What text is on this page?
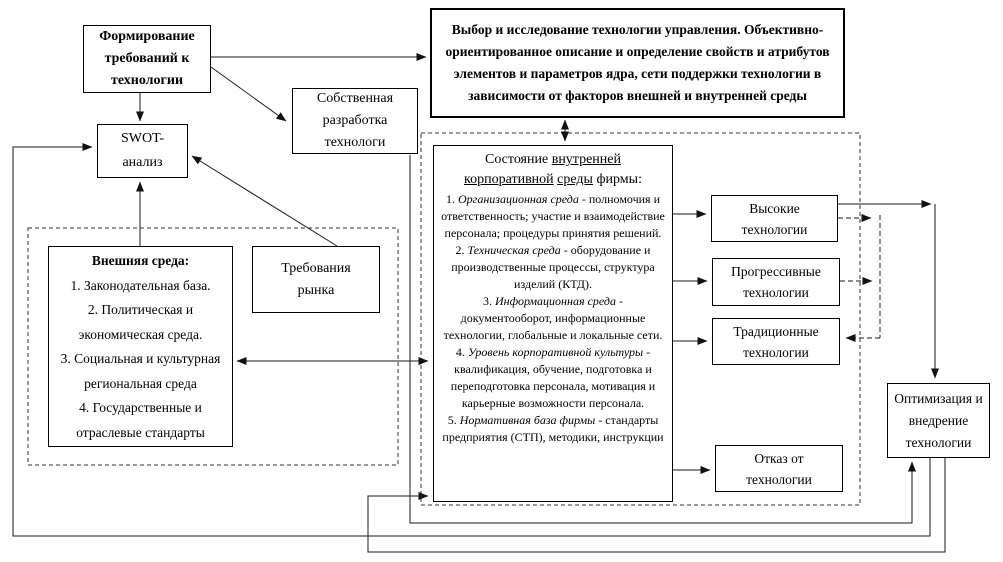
Формирование требований к технологии
Выбор и исследование технологии управления. Объективно-ориентированное описание и определение свойств и атрибутов элементов и параметров ядра, сети поддержки технологии в зависимости от факторов внешней и внутренней среды
Собственная разработка технологи
SWOT-
анализ
Внешняя среда:
1. Законодательная база.
2. Политическая и экономическая среда.
3. Социальная и культурная региональная среда
4. Государственные и отраслевые стандарты
Требования рынка
Состояние внутренней
корпоративной среды фирмы:
1. Организационная среда - полномочия и ответственность; участие и взаимодействие персонала; процедуры принятия решений.
2. Техническая среда - оборудование и производственные процессы, структура изделий (КТД).
3. Информационная среда - документооборот, информационные технологии, глобальные и локальные сети.
4. Уровень корпоративной культуры - квалификация, обучение, подготовка и переподготовка персонала, мотивация и карьерные возможности персонала.
5. Нормативная база фирмы - стандарты предприятия (СТП), методики, инструкции
Высокие технологии
Прогрессивные технологии
Традиционные технологии
Отказ от технологии
Оптимизация и внедрение технологии
